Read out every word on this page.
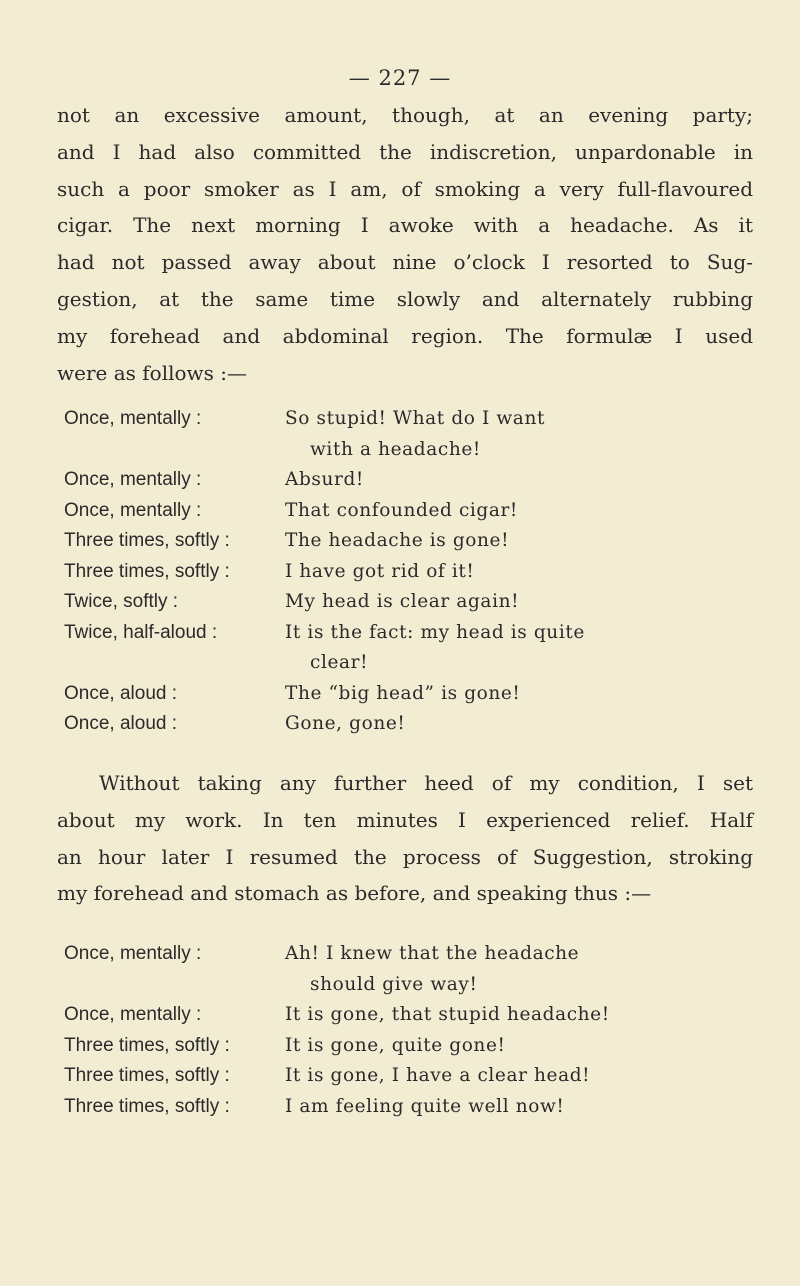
— 227 —
not an excessive amount, though, at an evening party;
and I had also committed the indiscretion, unpardonable in
such a poor smoker as I am, of smoking a very full-flavoured
cigar. The next morning I awoke with a headache. As it
had not passed away about nine o’clock I resorted to Sug-
gestion, at the same time slowly and alternately rubbing
my forehead and abdominal region. The formulæ I used
were as follows :—
Once, mentally :	So stupid! What do I want
with a headache!
Once, mentally :	Absurd!
Once, mentally :	That confounded cigar!
Three times, softly :	The headache is gone!
Three times, softly :	I have got rid of it!
Twice, softly :	My head is clear again!
Twice, half-aloud :	It is the fact: my head is quite
clear!
Once, aloud :	The “big head” is gone!
Once, aloud :	Gone, gone!
Without taking any further heed of my condition, I set
about my work. In ten minutes I experienced relief. Half
an hour later I resumed the process of Suggestion, stroking
my forehead and stomach as before, and speaking thus :—
Once, mentally :	Ah! I knew that the headache
should give way!
Once, mentally :	It is gone, that stupid headache!
Three times, softly :	It is gone, quite gone!
Three times, softly :	It is gone, I have a clear head!
Three times, softly :	I am feeling quite well now!
